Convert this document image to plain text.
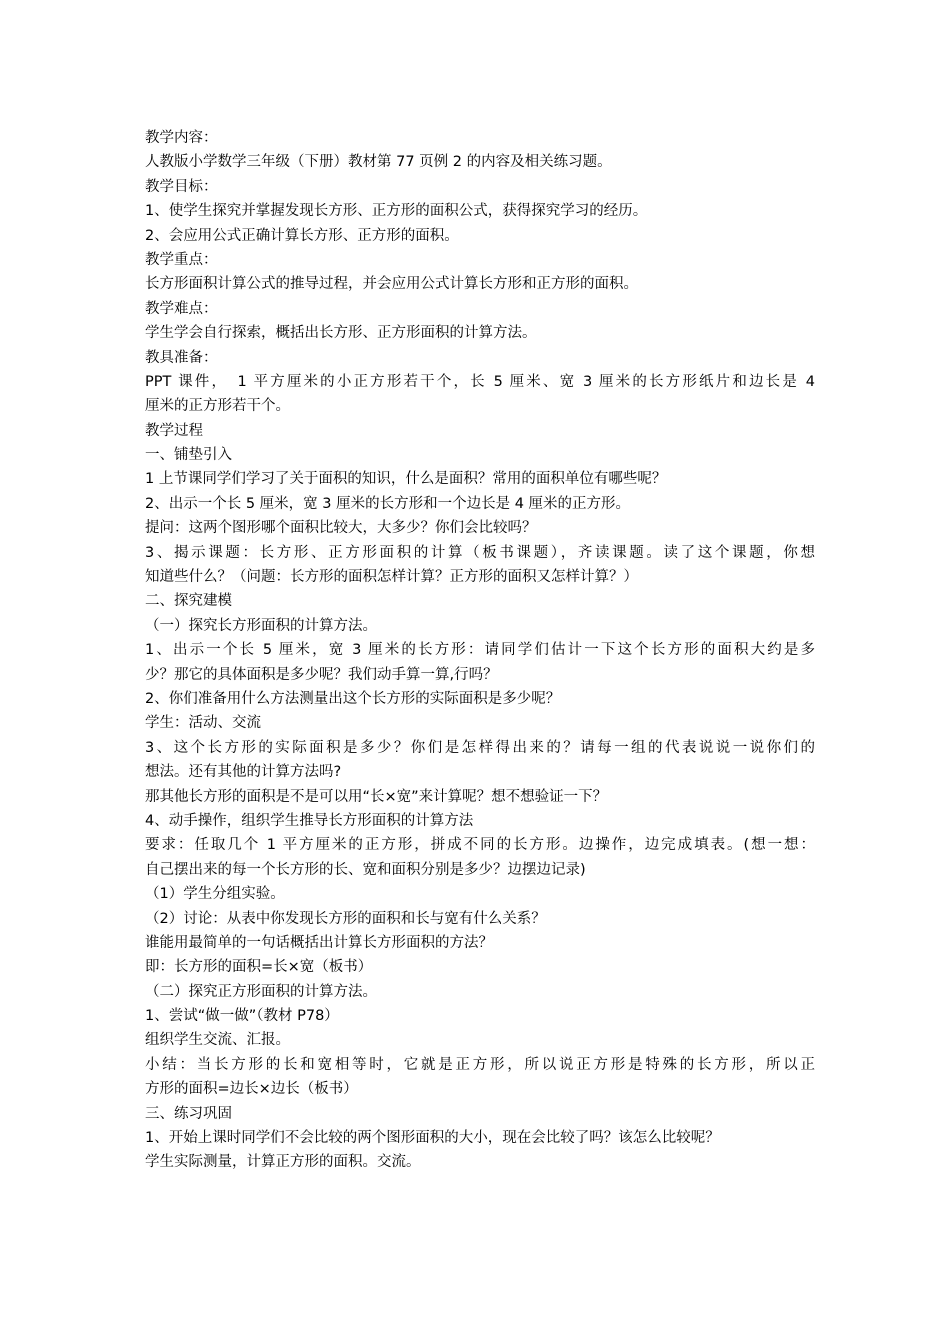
教学内容：
人教版小学数学三年级（下册）教材第 77 页例 2 的内容及相关练习题。
教学目标：
1、使学生探究并掌握发现长方形、正方形的面积公式，获得探究学习的经历。
2、会应用公式正确计算长方形、正方形的面积。
教学重点：
长方形面积计算公式的推导过程，并会应用公式计算长方形和正方形的面积。
教学难点：
学生学会自行探索，概括出长方形、正方形面积的计算方法。
教具准备：
PPT 课件，　1 平方厘米的小正方形若干个，长 5 厘米、宽 3 厘米的长方形纸片和边长是 4
厘米的正方形若干个。
教学过程
一、铺垫引入
1 上节课同学们学习了关于面积的知识，什么是面积？常用的面积单位有哪些呢？
2、出示一个长 5 厘米，宽 3 厘米的长方形和一个边长是 4 厘米的正方形。
提问：这两个图形哪个面积比较大，大多少？你们会比较吗？
3、揭示课题：长方形、正方形面积的计算（板书课题），齐读课题。读了这个课题，你想
知道些什么？（问题：长方形的面积怎样计算？正方形的面积又怎样计算？）
二、探究建模
（一）探究长方形面积的计算方法。
1、出示一个长 5 厘米，宽 3 厘米的长方形：请同学们估计一下这个长方形的面积大约是多
少？那它的具体面积是多少呢？我们动手算一算,行吗？
2、你们准备用什么方法测量出这个长方形的实际面积是多少呢？
学生：活动、交流
3、这个长方形的实际面积是多少？你们是怎样得出来的？请每一组的代表说说一说你们的
想法。还有其他的计算方法吗?
那其他长方形的面积是不是可以用“长×宽”来计算呢？想不想验证一下？
4、动手操作，组织学生推导长方形面积的计算方法
要求：任取几个 1 平方厘米的正方形，拼成不同的长方形。边操作，边完成填表。(想一想：
自己摆出来的每一个长方形的长、宽和面积分别是多少？边摆边记录)
（1）学生分组实验。
（2）讨论：从表中你发现长方形的面积和长与宽有什么关系？
谁能用最简单的一句话概括出计算长方形面积的方法？
即：长方形的面积=长×宽（板书）
（二）探究正方形面积的计算方法。
1、尝试“做一做”（教材 P78）
组织学生交流、汇报。
小结：当长方形的长和宽相等时，它就是正方形，所以说正方形是特殊的长方形，所以正
方形的面积=边长×边长（板书）
三、练习巩固
1、开始上课时同学们不会比较的两个图形面积的大小，现在会比较了吗？该怎么比较呢？
学生实际测量，计算正方形的面积。交流。
